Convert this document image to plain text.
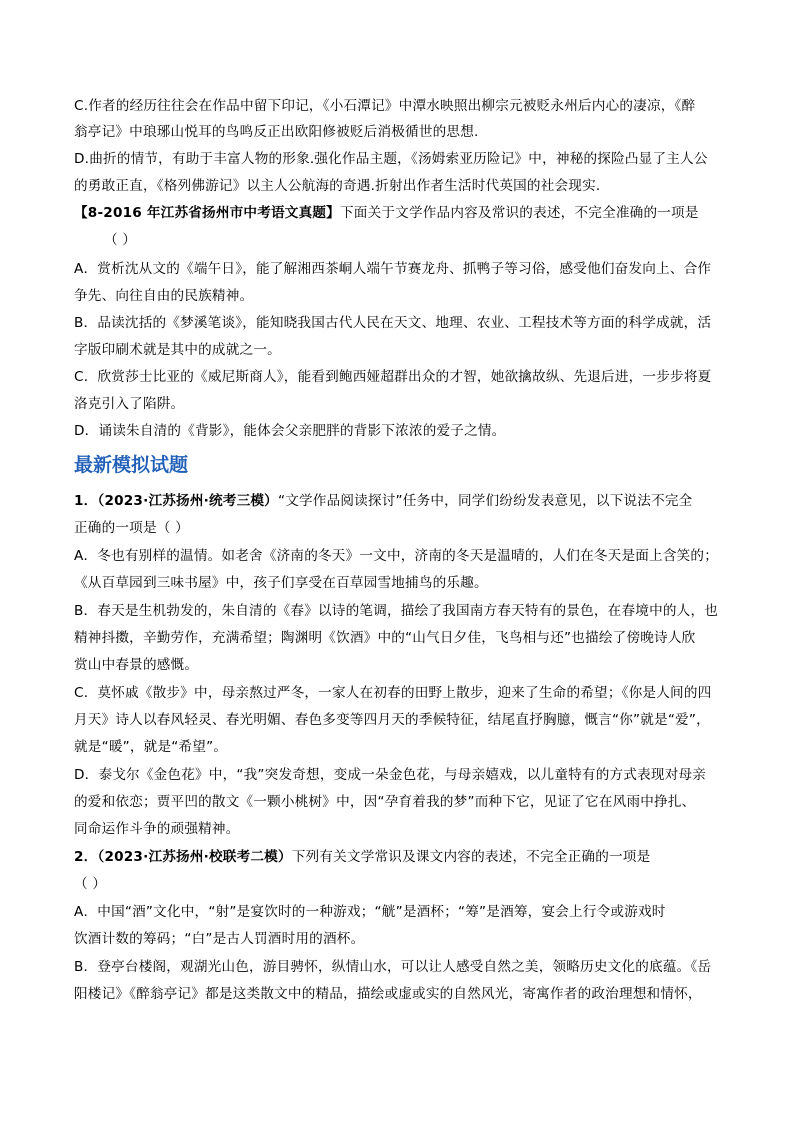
C.作者的经历往往会在作品中留下印记，《小石潭记》中潭水映照出柳宗元被贬永州后内心的凄凉，《醉
翁亭记》中琅琊山悦耳的鸟鸣反正出欧阳修被贬后消极循世的思想.
D.曲折的情节，有助于丰富人物的形象.强化作品主题，《汤姆索亚历险记》中，神秘的探险凸显了主人公
的勇敢正直，《格列佛游记》以主人公航海的奇遇.折射出作者生活时代英国的社会现实.
【8-2016 年江苏省扬州市中考语文真题】下面关于文学作品内容及常识的表述，不完全准确的一项是
（ ）
A．赏析沈从文的《端午日》，能了解湘西茶峒人端午节赛龙舟、抓鸭子等习俗，感受他们奋发向上、合作
争先、向往自由的民族精神。
B．品读沈括的《梦溪笔谈》，能知晓我国古代人民在天文、地理、农业、工程技术等方面的科学成就，活
字版印刷术就是其中的成就之一。
C．欣赏莎士比亚的《威尼斯商人》，能看到鲍西娅超群出众的才智，她欲擒故纵、先退后进，一步步将夏
洛克引入了陷阱。
D．诵读朱自清的《背影》，能体会父亲肥胖的背影下浓浓的爱子之情。
最新模拟试题
1．（2023·江苏扬州·统考三模）“文学作品阅读探讨”任务中，同学们纷纷发表意见，以下说法不完全
正确的一项是（ ）
A．冬也有别样的温情。如老舍《济南的冬天》一文中，济南的冬天是温晴的，人们在冬天是面上含笑的；
《从百草园到三味书屋》中，孩子们享受在百草园雪地捕鸟的乐趣。
B．春天是生机勃发的，朱自清的《春》以诗的笔调，描绘了我国南方春天特有的景色，在春境中的人，也
精神抖擞，辛勤劳作，充满希望；陶渊明《饮酒》中的“山气日夕佳，飞鸟相与还”也描绘了傍晚诗人欣
赏山中春景的感慨。
C．莫怀戚《散步》中，母亲熬过严冬，一家人在初春的田野上散步，迎来了生命的希望；《你是人间的四
月天》诗人以春风轻灵、春光明媚、春色多变等四月天的季候特征，结尾直抒胸臆，慨言“你”就是“爱”，
就是“暖”，就是“希望”。
D．泰戈尔《金色花》中，“我”突发奇想，变成一朵金色花，与母亲嬉戏，以儿童特有的方式表现对母亲
的爱和依恋；贾平凹的散文《一颗小桃树》中，因“孕育着我的梦”而种下它，见证了它在风雨中挣扎、
同命运作斗争的顽强精神。
2．（2023·江苏扬州·校联考二模）下列有关文学常识及课文内容的表述，不完全正确的一项是
（ ）
A．中国“酒”文化中，“射”是宴饮时的一种游戏；“觥”是酒杯；“筹”是酒筹，宴会上行令或游戏时
饮酒计数的筹码；“白”是古人罚酒时用的酒杯。
B．登亭台楼阁，观湖光山色，游目骋怀，纵情山水，可以让人感受自然之美，领略历史文化的底蕴。《岳
阳楼记》《醉翁亭记》都是这类散文中的精品，描绘或虚或实的自然风光，寄寓作者的政治理想和情怀，
